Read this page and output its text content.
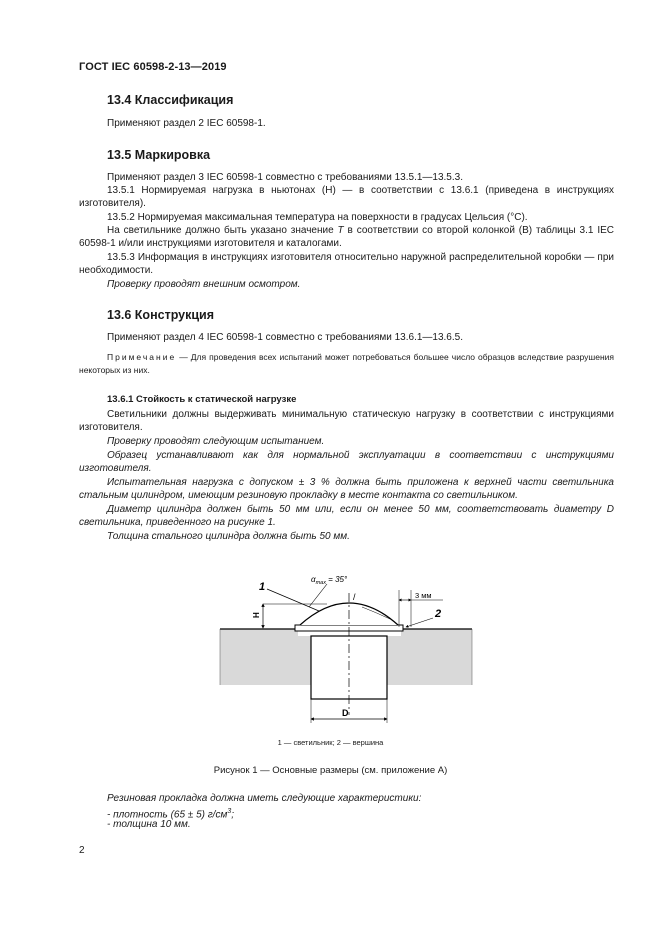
ГОСТ IEC 60598-2-13—2019
13.4 Классификация
Применяют раздел 2 IEC 60598-1.
13.5 Маркировка
Применяют раздел 3 IEC 60598-1 совместно с требованиями 13.5.1—13.5.3.
13.5.1 Нормируемая нагрузка в ньютонах (Н) — в соответствии с 13.6.1 (приведена в инструкциях изготовителя).
13.5.2 Нормируемая максимальная температура на поверхности в градусах Цельсия (°С).
На светильнике должно быть указано значение Т в соответствии со второй колонкой (В) таблицы 3.1 IEC 60598-1 и/или инструкциями изготовителя и каталогами.
13.5.3 Информация в инструкциях изготовителя относительно наружной распределительной коробки — при необходимости.
Проверку проводят внешним осмотром.
13.6 Конструкция
Применяют раздел 4 IEC 60598-1 совместно с требованиями 13.6.1—13.6.5.
Примечание — Для проведения всех испытаний может потребоваться большее число образцов вследствие разрушения некоторых из них.
13.6.1 Стойкость к статической нагрузке
Светильники должны выдерживать минимальную статическую нагрузку в соответствии с инструкциями изготовителя.
Проверку проводят следующим испытанием.
Образец устанавливают как для нормальной эксплуатации в соответствии с инструкциями изготовителя.
Испытательная нагрузка с допуском ± 3 % должна быть приложена к верхней части светильника стальным цилиндром, имеющим резиновую прокладку в месте контакта со светильником.
Диаметр цилиндра должен быть 50 мм или, если он менее 50 мм, соответствовать диаметру D светильника, приведенного на рисунке 1.
Толщина стального цилиндра должна быть 50 мм.
H
1
$\alpha_{max} = 35^\circ$
/	3 мм
2
D
1 — светильник; 2 — вершина
Рисунок 1 — Основные размеры (см. приложение А)
Резиновая прокладка должна иметь следующие характеристики:
- плотность (65 ± 5) $г/см^3$;
- толщина 10 мм.
2
